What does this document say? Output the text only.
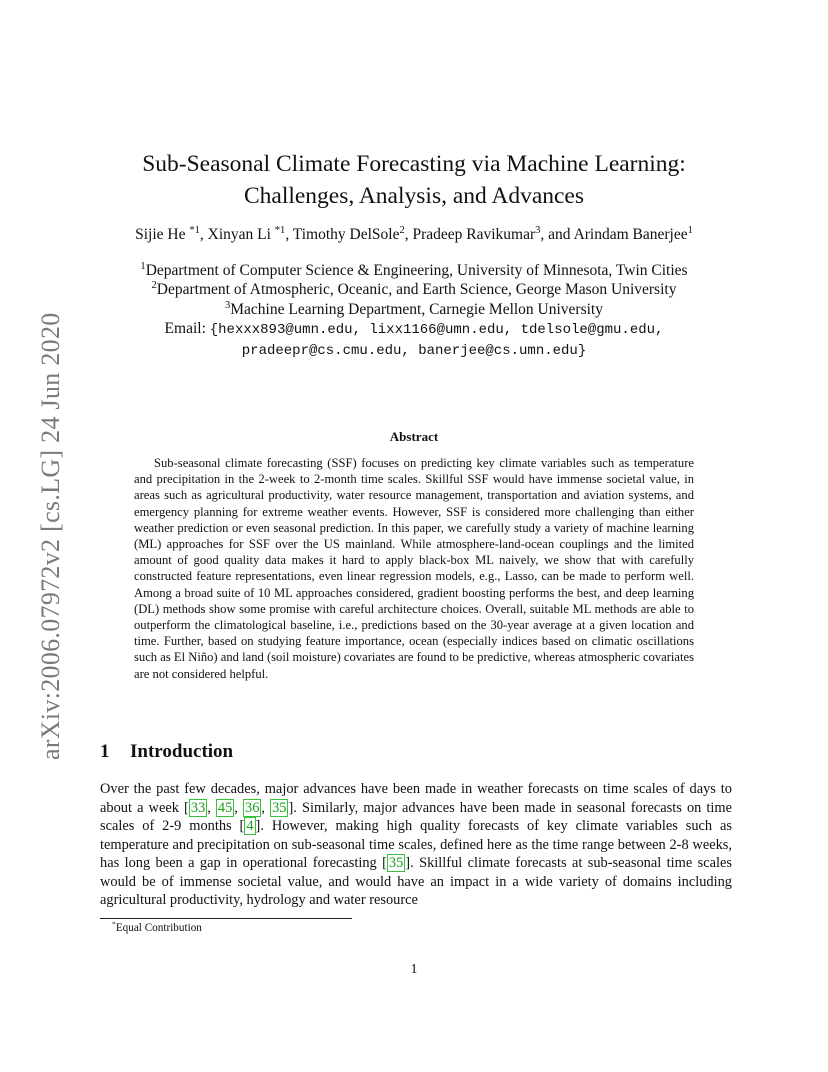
arXiv:2006.07972v2 [cs.LG] 24 Jun 2020
Sub-Seasonal Climate Forecasting via Machine Learning:
Challenges, Analysis, and Advances
Sijie He $^{*1}$, Xinyan Li $^{*1}$, Timothy DelSole$^2$, Pradeep Ravikumar$^3$, and Arindam Banerjee$^1$
$^1$Department of Computer Science & Engineering, University of Minnesota, Twin Cities
$^2$Department of Atmospheric, Oceanic, and Earth Science, George Mason University
$^3$Machine Learning Department, Carnegie Mellon University
Email: {hexxx893@umn.edu, lixx1166@umn.edu, tdelsole@gmu.edu,
pradeepr@cs.cmu.edu, banerjee@cs.umn.edu}
Abstract
Sub-seasonal climate forecasting (SSF) focuses on predicting key climate variables such as temperature and precipitation in the 2-week to 2-month time scales. Skillful SSF would have immense societal value, in areas such as agricultural productivity, water resource management, transportation and aviation systems, and emergency planning for extreme weather events. However, SSF is considered more challenging than either weather prediction or even seasonal prediction. In this paper, we carefully study a variety of machine learning (ML) approaches for SSF over the US mainland. While atmosphere-land-ocean couplings and the limited amount of good quality data makes it hard to apply black-box ML naively, we show that with carefully constructed feature representations, even linear regression models, e.g., Lasso, can be made to perform well. Among a broad suite of 10 ML approaches considered, gradient boosting performs the best, and deep learning (DL) methods show some promise with careful architecture choices. Overall, suitable ML methods are able to outperform the climatological baseline, i.e., predictions based on the 30-year average at a given location and time. Further, based on studying feature importance, ocean (especially indices based on climatic oscillations such as El Niño) and land (soil moisture) covariates are found to be predictive, whereas atmospheric covariates are not considered helpful.
1 Introduction
Over the past few decades, major advances have been made in weather forecasts on time scales of days to about a week [ 33 , 45 , 36 , 35 ]. Similarly, major advances have been made in seasonal forecasts on time scales of 2-9 months [ 4 ]. However, making high quality forecasts of key climate variables such as temperature and precipitation on sub-seasonal time scales, defined here as the time range between 2-8 weeks, has long been a gap in operational forecasting [ 35 ]. Skillful climate forecasts at sub-seasonal time scales would be of immense societal value, and would have an impact in a wide variety of domains including agricultural productivity, hydrology and water resource
*Equal Contribution
1
